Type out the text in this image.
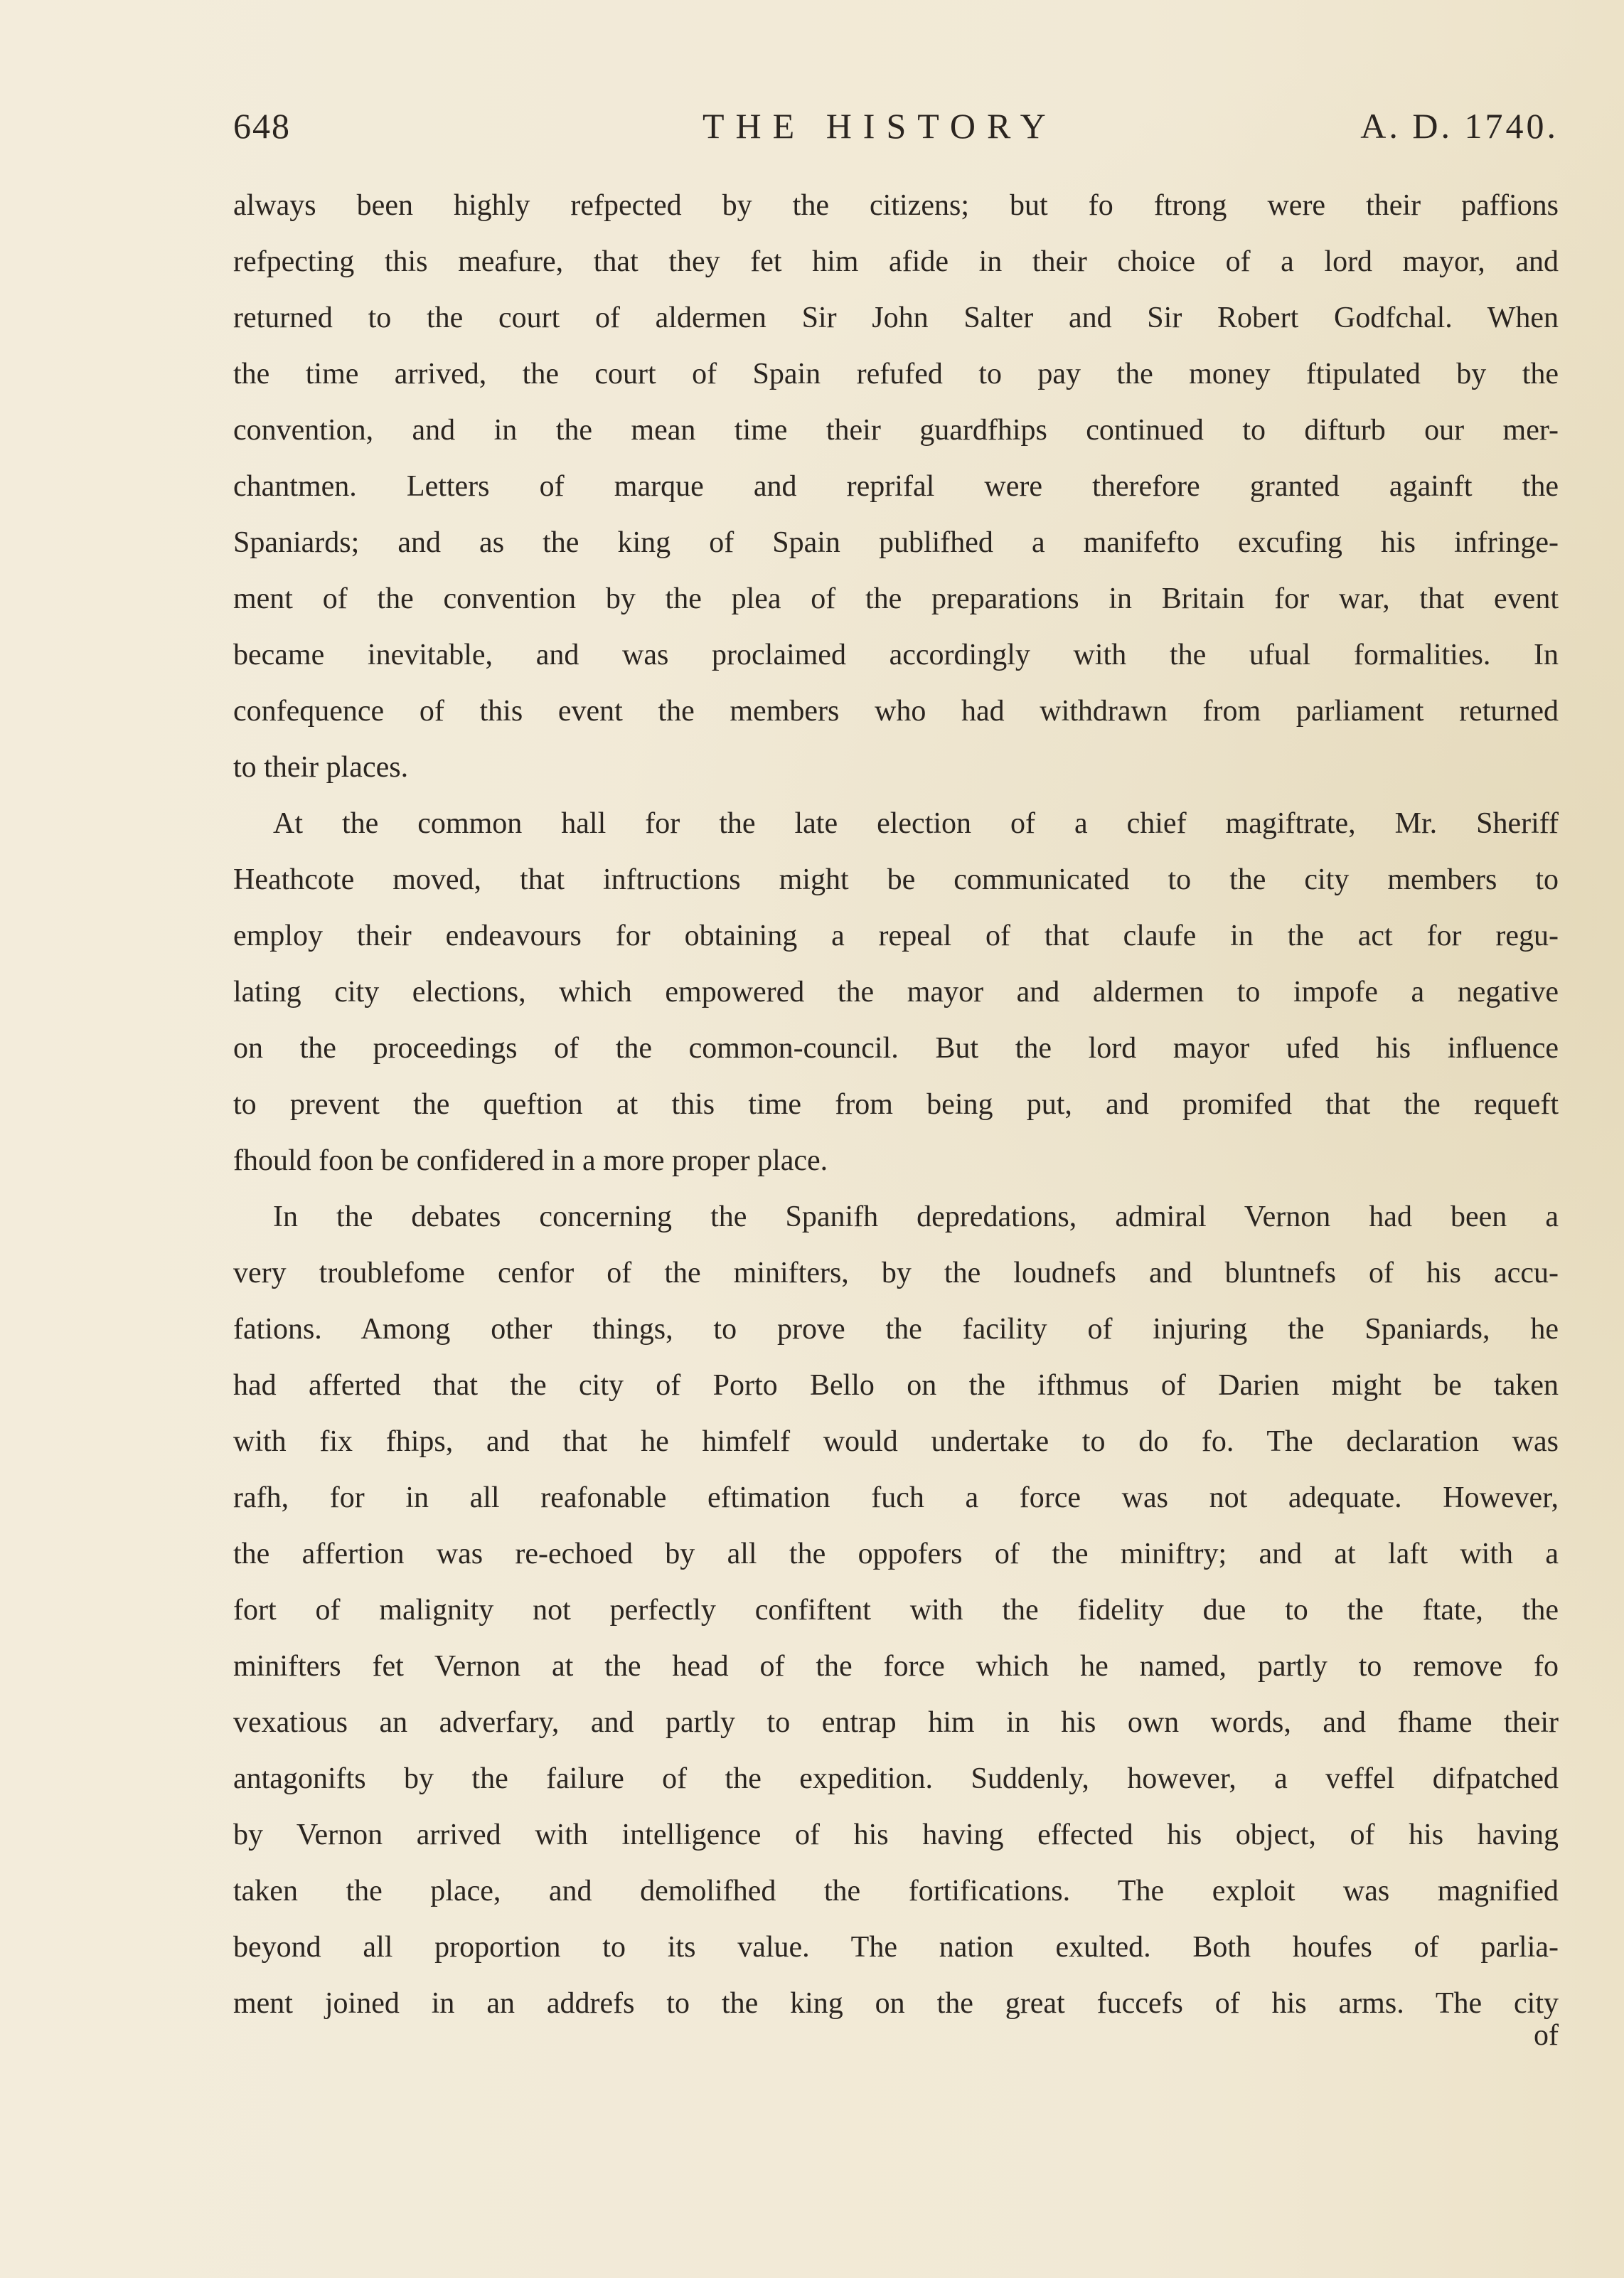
648	THE HISTORY	A. D. 1740.
always been highly refpected by the citizens; but fo ftrong were their paffions
refpecting this meafure, that they fet him afide in their choice of a lord mayor, and
returned to the court of aldermen Sir John Salter and Sir Robert Godfchal. When
the time arrived, the court of Spain refufed to pay the money ftipulated by the
convention, and in the mean time their guardfhips continued to difturb our mer-
chantmen. Letters of marque and reprifal were therefore granted againft the
Spaniards; and as the king of Spain publifhed a manifefto excufing his infringe-
ment of the convention by the plea of the preparations in Britain for war, that event
became inevitable, and was proclaimed accordingly with the ufual formalities. In
confequence of this event the members who had withdrawn from parliament returned
to their places.
At the common hall for the late election of a chief magiftrate, Mr. Sheriff
Heathcote moved, that inftructions might be communicated to the city members to
employ their endeavours for obtaining a repeal of that claufe in the act for regu-
lating city elections, which empowered the mayor and aldermen to impofe a negative
on the proceedings of the common-council. But the lord mayor ufed his influence
to prevent the queftion at this time from being put, and promifed that the requeft
fhould foon be confidered in a more proper place.
In the debates concerning the Spanifh depredations, admiral Vernon had been a
very troublefome cenfor of the minifters, by the loudnefs and bluntnefs of his accu-
fations. Among other things, to prove the facility of injuring the Spaniards, he
had afferted that the city of Porto Bello on the ifthmus of Darien might be taken
with fix fhips, and that he himfelf would undertake to do fo. The declaration was
rafh, for in all reafonable eftimation fuch a force was not adequate. However,
the affertion was re-echoed by all the oppofers of the miniftry; and at laft with a
fort of malignity not perfectly confiftent with the fidelity due to the ftate, the
minifters fet Vernon at the head of the force which he named, partly to remove fo
vexatious an adverfary, and partly to entrap him in his own words, and fhame their
antagonifts by the failure of the expedition. Suddenly, however, a veffel difpatched
by Vernon arrived with intelligence of his having effected his object, of his having
taken the place, and demolifhed the fortifications. The exploit was magnified
beyond all proportion to its value. The nation exulted. Both houfes of parlia-
ment joined in an addrefs to the king on the great fuccefs of his arms. The city
of
